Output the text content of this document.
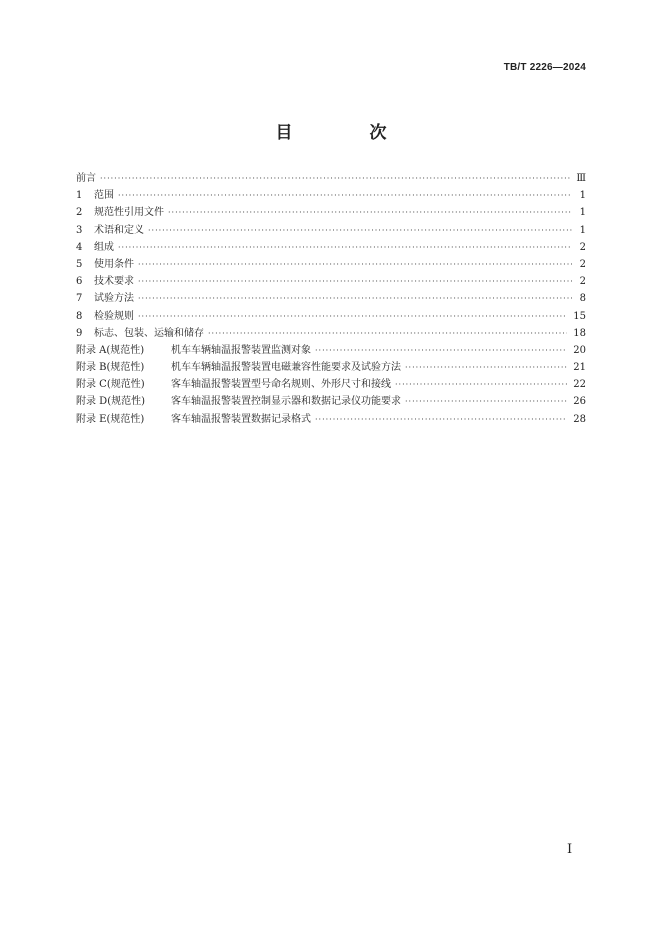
TB/T 2226—2024
目　次
前言 ·····	Ⅲ
1	范围 ·····	1
2	规范性引用文件 ·····	1
3	术语和定义 ·····	1
4	组成 ·····	2
5	使用条件 ·····	2
6	技术要求 ·····	2
7	试验方法 ·····	8
8	检验规则 ·····	15
9	标志、包装、运输和储存 ·····	18
附录 A(规范性)	机车车辆轴温报警装置监测对象 ·····	20
附录 B(规范性)	机车车辆轴温报警装置电磁兼容性能要求及试验方法 ·····	21
附录 C(规范性)	客车轴温报警装置型号命名规则、外形尺寸和接线 ·····	22
附录 D(规范性)	客车轴温报警装置控制显示器和数据记录仪功能要求 ·····	26
附录 E(规范性)	客车轴温报警装置数据记录格式 ·····	28
Ⅰ
